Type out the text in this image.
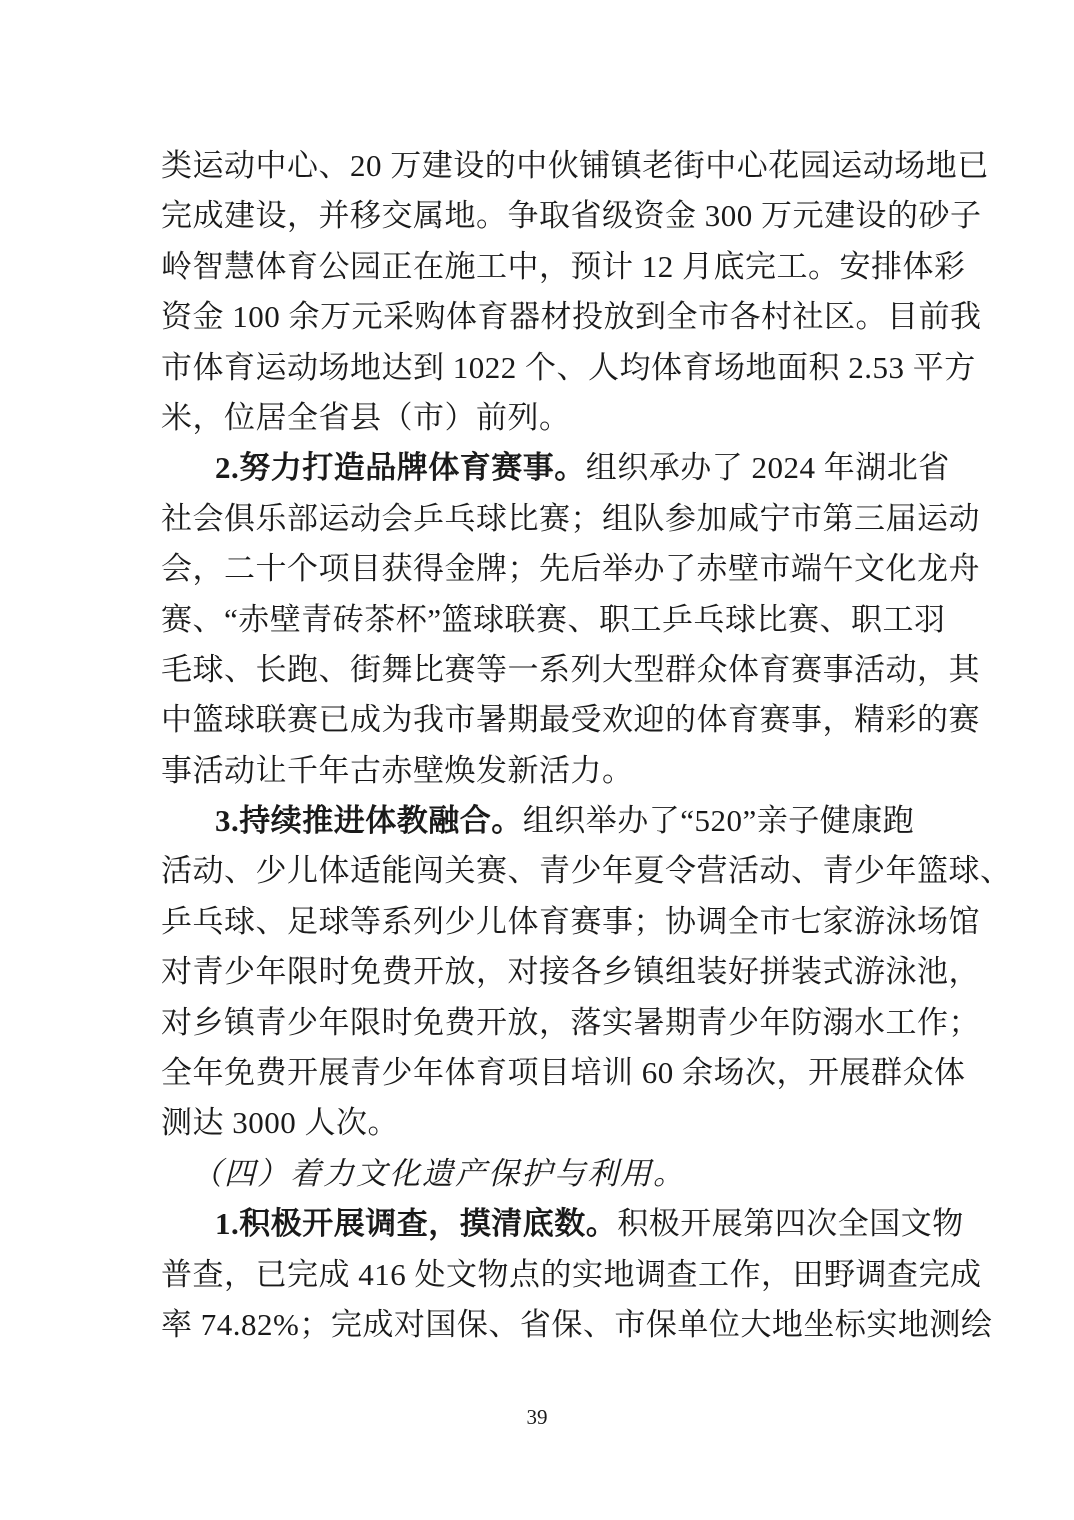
类运动中心、20 万建设的中伙铺镇老街中心花园运动场地已
完成建设，并移交属地。争取省级资金 300 万元建设的砂子
岭智慧体育公园正在施工中，预计 12 月底完工。安排体彩
资金 100 余万元采购体育器材投放到全市各村社区。目前我
市体育运动场地达到 1022 个、人均体育场地面积 2.53 平方
米，位居全省县（市）前列。
2.努力打造品牌体育赛事。组织承办了 2024 年湖北省
社会俱乐部运动会乒乓球比赛；组队参加咸宁市第三届运动
会，二十个项目获得金牌；先后举办了赤壁市端午文化龙舟
赛、“赤壁青砖茶杯”篮球联赛、职工乒乓球比赛、职工羽
毛球、长跑、街舞比赛等一系列大型群众体育赛事活动，其
中篮球联赛已成为我市暑期最受欢迎的体育赛事，精彩的赛
事活动让千年古赤壁焕发新活力。
3.持续推进体教融合。组织举办了“520”亲子健康跑
活动、少儿体适能闯关赛、青少年夏令营活动、青少年篮球、
乒乓球、足球等系列少儿体育赛事；协调全市七家游泳场馆
对青少年限时免费开放，对接各乡镇组装好拼装式游泳池，
对乡镇青少年限时免费开放，落实暑期青少年防溺水工作；
全年免费开展青少年体育项目培训 60 余场次，开展群众体
测达 3000 人次。
（四）着力文化遗产保护与利用。
1.积极开展调查，摸清底数。积极开展第四次全国文物
普查，已完成 416 处文物点的实地调查工作，田野调查完成
率 74.82%；完成对国保、省保、市保单位大地坐标实地测绘
39
